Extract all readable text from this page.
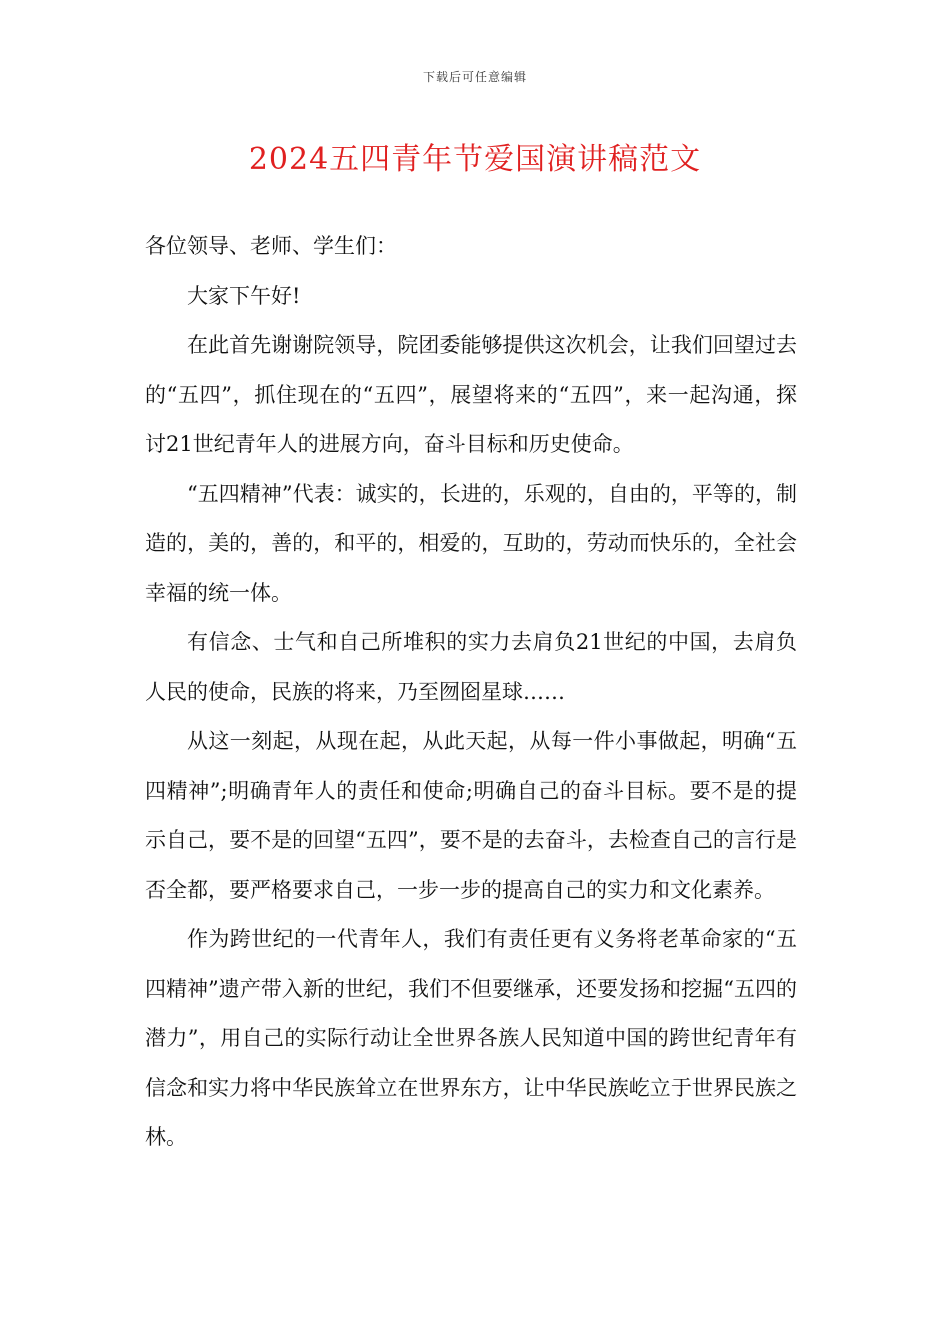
下载后可任意编辑
2024五四青年节爱国演讲稿范文

各位领导、老师、学生们：

大家下午好!

在此首先谢谢院领导，院团委能够提供这次机会，让我们回望过去的“五四”，抓住现在的“五四”，展望将来的“五四”，来一起沟通，探讨21世纪青年人的进展方向，奋斗目标和历史使命。

“五四精神”代表：诚实的，长进的，乐观的，自由的，平等的，制造的，美的，善的，和平的，相爱的，互助的，劳动而快乐的，全社会幸福的统一体。

有信念、士气和自己所堆积的实力去肩负21世纪的中国，去肩负人民的使命，民族的将来，乃至囫囵星球……

从这一刻起，从现在起，从此天起，从每一件小事做起，明确“五四精神”;明确青年人的责任和使命;明确自己的奋斗目标。要不是的提示自己，要不是的回望“五四”，要不是的去奋斗，去检查自己的言行是否全都，要严格要求自己，一步一步的提高自己的实力和文化素养。

作为跨世纪的一代青年人，我们有责任更有义务将老革命家的“五四精神”遗产带入新的世纪，我们不但要继承，还要发扬和挖掘“五四的潜力”，用自己的实际行动让全世界各族人民知道中国的跨世纪青年有信念和实力将中华民族耸立在世界东方，让中华民族屹立于世界民族之林。
